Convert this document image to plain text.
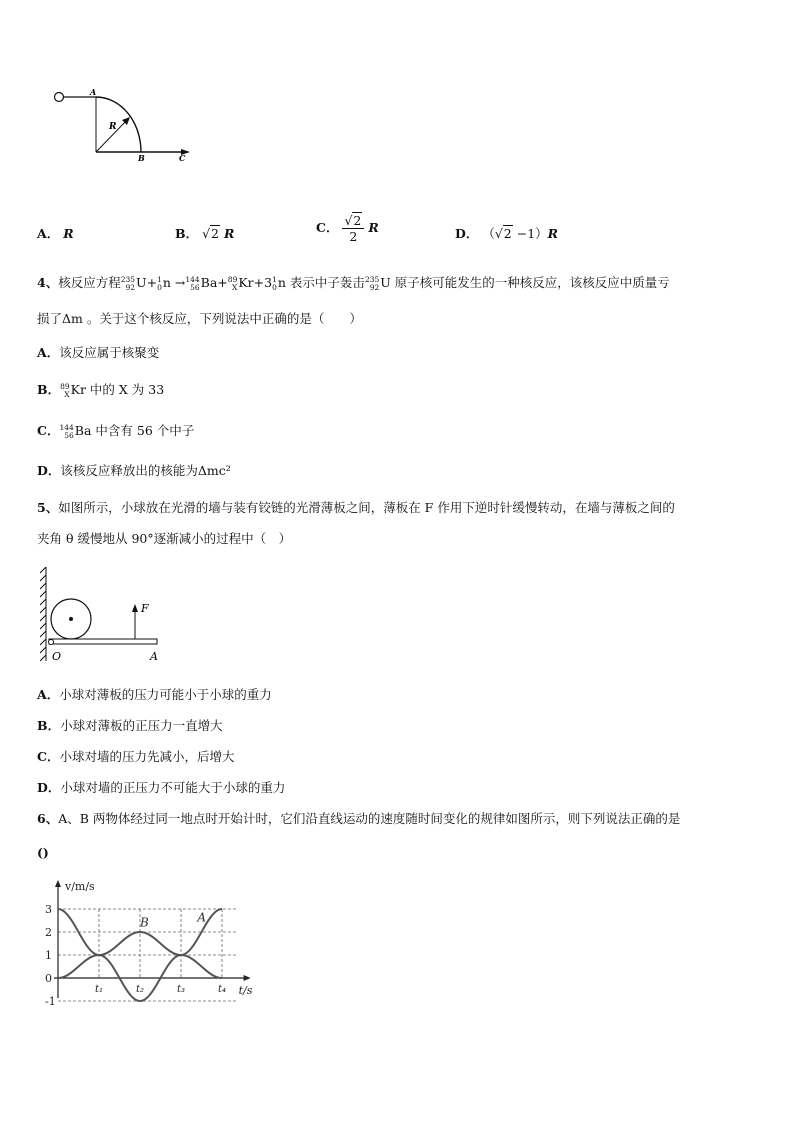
A
R
B	C
A． R	B． √2 R	C． $\frac{√2}{2}$ R	D． （√2 −1）R
4、核反应方程235
92U+1
0n →144
56Ba+89
XKr+31
0n 表示中子轰击235
92U 原子核可能发生的一种核反应，该核反应中质量亏
损了Δm 。关于这个核反应，下列说法中正确的是（　　）
A．该反应属于核聚变
B．89
XKr 中的 X 为 33
C．144
56Ba 中含有 56 个中子
D．该核反应释放出的核能为Δmc²
5、如图所示，小球放在光滑的墙与装有铰链的光滑薄板之间，薄板在 F 作用下逆时针缓慢转动，在墙与薄板之间的
夹角 θ 缓慢地从 90°逐渐减小的过程中（　）
F
O	A
A．小球对薄板的压力可能小于小球的重力
B．小球对薄板的正压力一直增大
C．小球对墙的压力先减小，后增大
D．小球对墙的正压力不可能大于小球的重力
6、A、B 两物体经过同一地点时开始计时，它们沿直线运动的速度随时间变化的规律如图所示，则下列说法正确的是
()
3
2
1
0
-1
t₁	t₂	t₃	t₄
A
B
v/m/s
t/s
